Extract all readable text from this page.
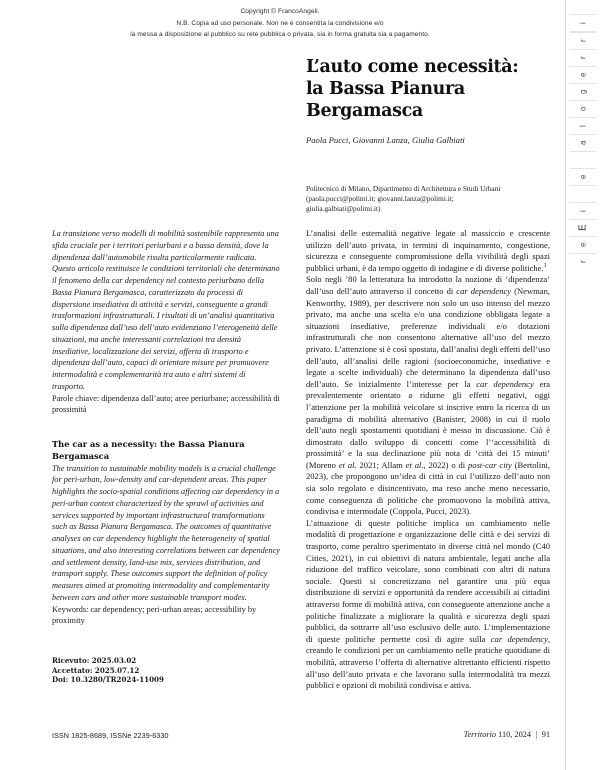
Copyright © FrancoAngeli.
N.B. Copia ad uso personale. Non ne è consentita la condivisione e/o
la messa a disposizione al pubblico su rete pubblica o privata, sia in forma gratuita sia a pagamento.
L’auto come necessità:
la Bassa Pianura
Bergamasca
Paola Pucci, Giovanni Lanza, Giulia Galbiati
Politecnico di Milano, Dipartimento di Architettura e Studi Urbani
(paola.pucci@polimi.it; giovanni.lanza@polimi.it;
giulia.galbiati@polimi.it)
La transizione verso modelli di mobilità sostenibile rappresenta una sfida cruciale per i territori periurbani e a bassa densità, dove la dipendenza dall’automobile risulta particolarmente radicata. Questo articolo restituisce le condizioni territoriali che determinano il fenomeno della car dependency nel contesto periurbano della Bassa Pianura Bergamasca, caratterizzato da processi di dispersione insediativa di attività e servizi, conseguente a grandi trasformazioni infrastrutturali. I risultati di un’analisi quantitativa sulla dipendenza dall’uso dell’auto evidenziano l’eterogeneità delle situazioni, ma anche interessanti correlazioni tra densità insediative, localizzazione dei servizi, offerta di trasporto e dipendenza dall’auto, capaci di orientare misure per promuovere intermodalità e complementarità tra auto e altri sistemi di trasporto.
Parole chiave: dipendenza dall’auto; aree periurbane; accessibilità di prossimità
The car as a necessity: the Bassa Pianura Bergamasca
The transition to sustainable mobility models is a crucial challenge for peri-urban, low-density and car-dependent areas. This paper highlights the socio-spatial conditions affecting car dependency in a peri-urban context characterized by the sprawl of activities and services supported by important infrastructural transformations such as Bassa Pianura Bergamasca. The outcomes of quantitative analyses on car dependency highlight the heterogeneity of spatial situations, and also interesting correlations between car dependency and settlement density, land-use mix, services distribution, and transport supply. These outcomes support the definition of policy measures aimed at promoting intermodality and complementarity between cars and other more sustainable transport modes.
Keywords: car dependency; peri-urban areas; accessibility by proximity
Ricevuto: 2025.03.02
Accettato: 2025.07.12
Doi: 10.3280/TR2024-11009

L’analisi delle esternalità negative legate al massiccio e crescente utilizzo dell’auto privata, in termini di inquinamento, congestione, sicurezza e conseguente compromissione della vivibilità degli spazi pubblici urbani, è da tempo oggetto di indagine e di diverse politiche.$^1$

Solo negli ’80 la letteratura ha introdotto la nozione di ‘dipendenza’ dall’uso dell’auto attraverso il concetto di car dependency (Newman, Kenworthy, 1989), per descrivere non solo un uso intenso del mezzo privato, ma anche una scelta e/o una condizione obbligata legate a situazioni insediative, preferenze individuali e/o dotazioni infrastrutturali che non consentono alternative all’uso del mezzo privato. L’attenzione si è così spostata, dall’analisi degli effetti dell’uso dell’auto, all’analisi delle ragioni (socioeconomiche, insediative e legate a scelte individuali) che determinano la dipendenza dall’uso dell’auto. Se inizialmente l’interesse per la car dependency era prevalentemente orientato a ridurne gli effetti negativi, oggi l’attenzione per la mobilità veicolare si inscrive entro la ricerca di un paradigma di mobilità alternativo (Banister, 2008) in cui il ruolo dell’auto negli spostamenti quotidiani è messo in discussione. Ciò è dimostrato dallo sviluppo di concetti come l’‘accessibilità di prossimità’ e la sua declinazione più nota di ‘città dei 15 minuti’ (Moreno et al. 2021; Allam et al., 2022) o di post-car city (Bertolini, 2023), che propongono un’idea di città in cui l’utilizzo dell’auto non sia solo regolato e disincentivato, ma reso anche meno necessario, come conseguenza di politiche che promuovono la mobilità attiva, condivisa e intermodale (Coppola, Pucci, 2023).

L’attuazione di queste politiche implica un cambiamento nelle modalità di progettazione e organizzazione delle città e dei servizi di trasporto, come peraltro sperimentato in diverse città nel mondo (C40 Cities, 2021), in cui obiettivi di natura ambientale, legati anche alla riduzione del traffico veicolare, sono combinati con altri di natura sociale. Questi si concretizzano nel garantire una più equa distribuzione di servizi e opportunità da rendere accessibili ai cittadini attraverso forme di mobilità attiva, con conseguente attenzione anche a politiche finalizzate a migliorare la qualità e sicurezza degli spazi pubblici, da sottrarre all’uso esclusivo delle auto. L’implementazione di queste politiche permette così di agire sulla car dependency, creando le condizioni per un cambiamento nelle pratiche quotidiane di mobilità, attraverso l’offerta di alternative altrettanto efficienti rispetto all’uso dell’auto privata e che lavorano sulla intermodalità tra mezzi pubblici e opzioni di mobilità condivisa e attiva.

ISSN 1825-8689, ISSNe 2239-6330	Territorio 110, 2024 | 91
i
r
r
e
g
o
l
a
e
i
E
e
r
